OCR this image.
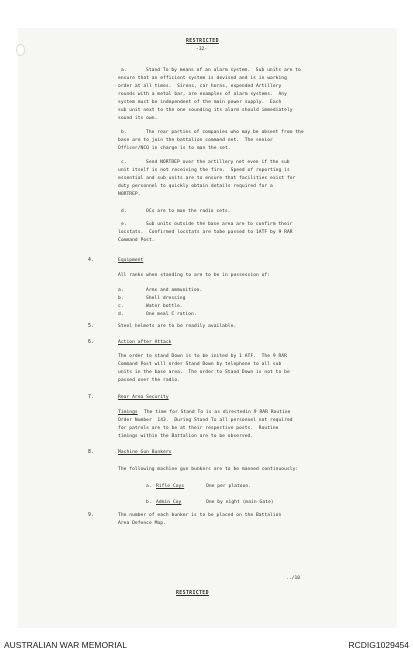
RESTRICTED
-32-
a.	Stand To by means of an alarm system.  Sub units are to
ensure that an efficient system is devised and is in working
order at all times.  Sirens, car horns, expended Artillery
rounds with a metal bar, are examples of alarm systems.  Any
system must be independent of the main power supply.  Each
sub unit next to the one sounding its alarm should immediately
sound its own.
b.	The rear parties of companies who may be absent from the
base are to join the battalion command net.  The senior
Officer/NCO in charge is to man the set.
c.	Send NORTREP over the artillery net even if the sub
unit itself is not receiving the fire.  Speed of reporting is
essential and sub units are to ensure that facilities exist for
duty personnel to quickly obtain details required for a
NORTREP.
d.	OCs are to man the radio sets.
e.	Sub units outside the base area are to confirm their
locstats.  Confirmed locstats are tobe passed to 1ATF by 9 RAR
Command Post.
4.	Equipment
All ranks when standing to are to be in possession of:
a.	Arms and ammunition.
b.	Shell dressing
c.	Water bottle.
d.	One meal C ration.
5.	Steel helmets are to be readily available.
6.	Action after Attack
The order to stand Down is to be inited by 1 ATF.  The 9 RAR
Command Post will order Stand Down by telephone to all sub
units in the base area.  The order to Stand Down is not to be
passed over the radio.
7.	Rear Area Security
Timings The time for Stand To is as directedin 9 RAR Routine
Order Number  143.  During Stand To all personnel not required
for patrols are to be at their respective posts.  Routine
timings within the Battalion are to be observed.
8.	Machine Gun Bunkers
The following machine gun bunkers are to be manned continuously:
a. Rifle Coys	One per platoon.
b. Admin Coy	One by night (main Gate)
9.	The number of each bunker is to be placed on the Battalion
Area Defence Map.
../10
RESTRICTED
AUSTRALIAN WAR MEMORIAL	RCDIG1029454
